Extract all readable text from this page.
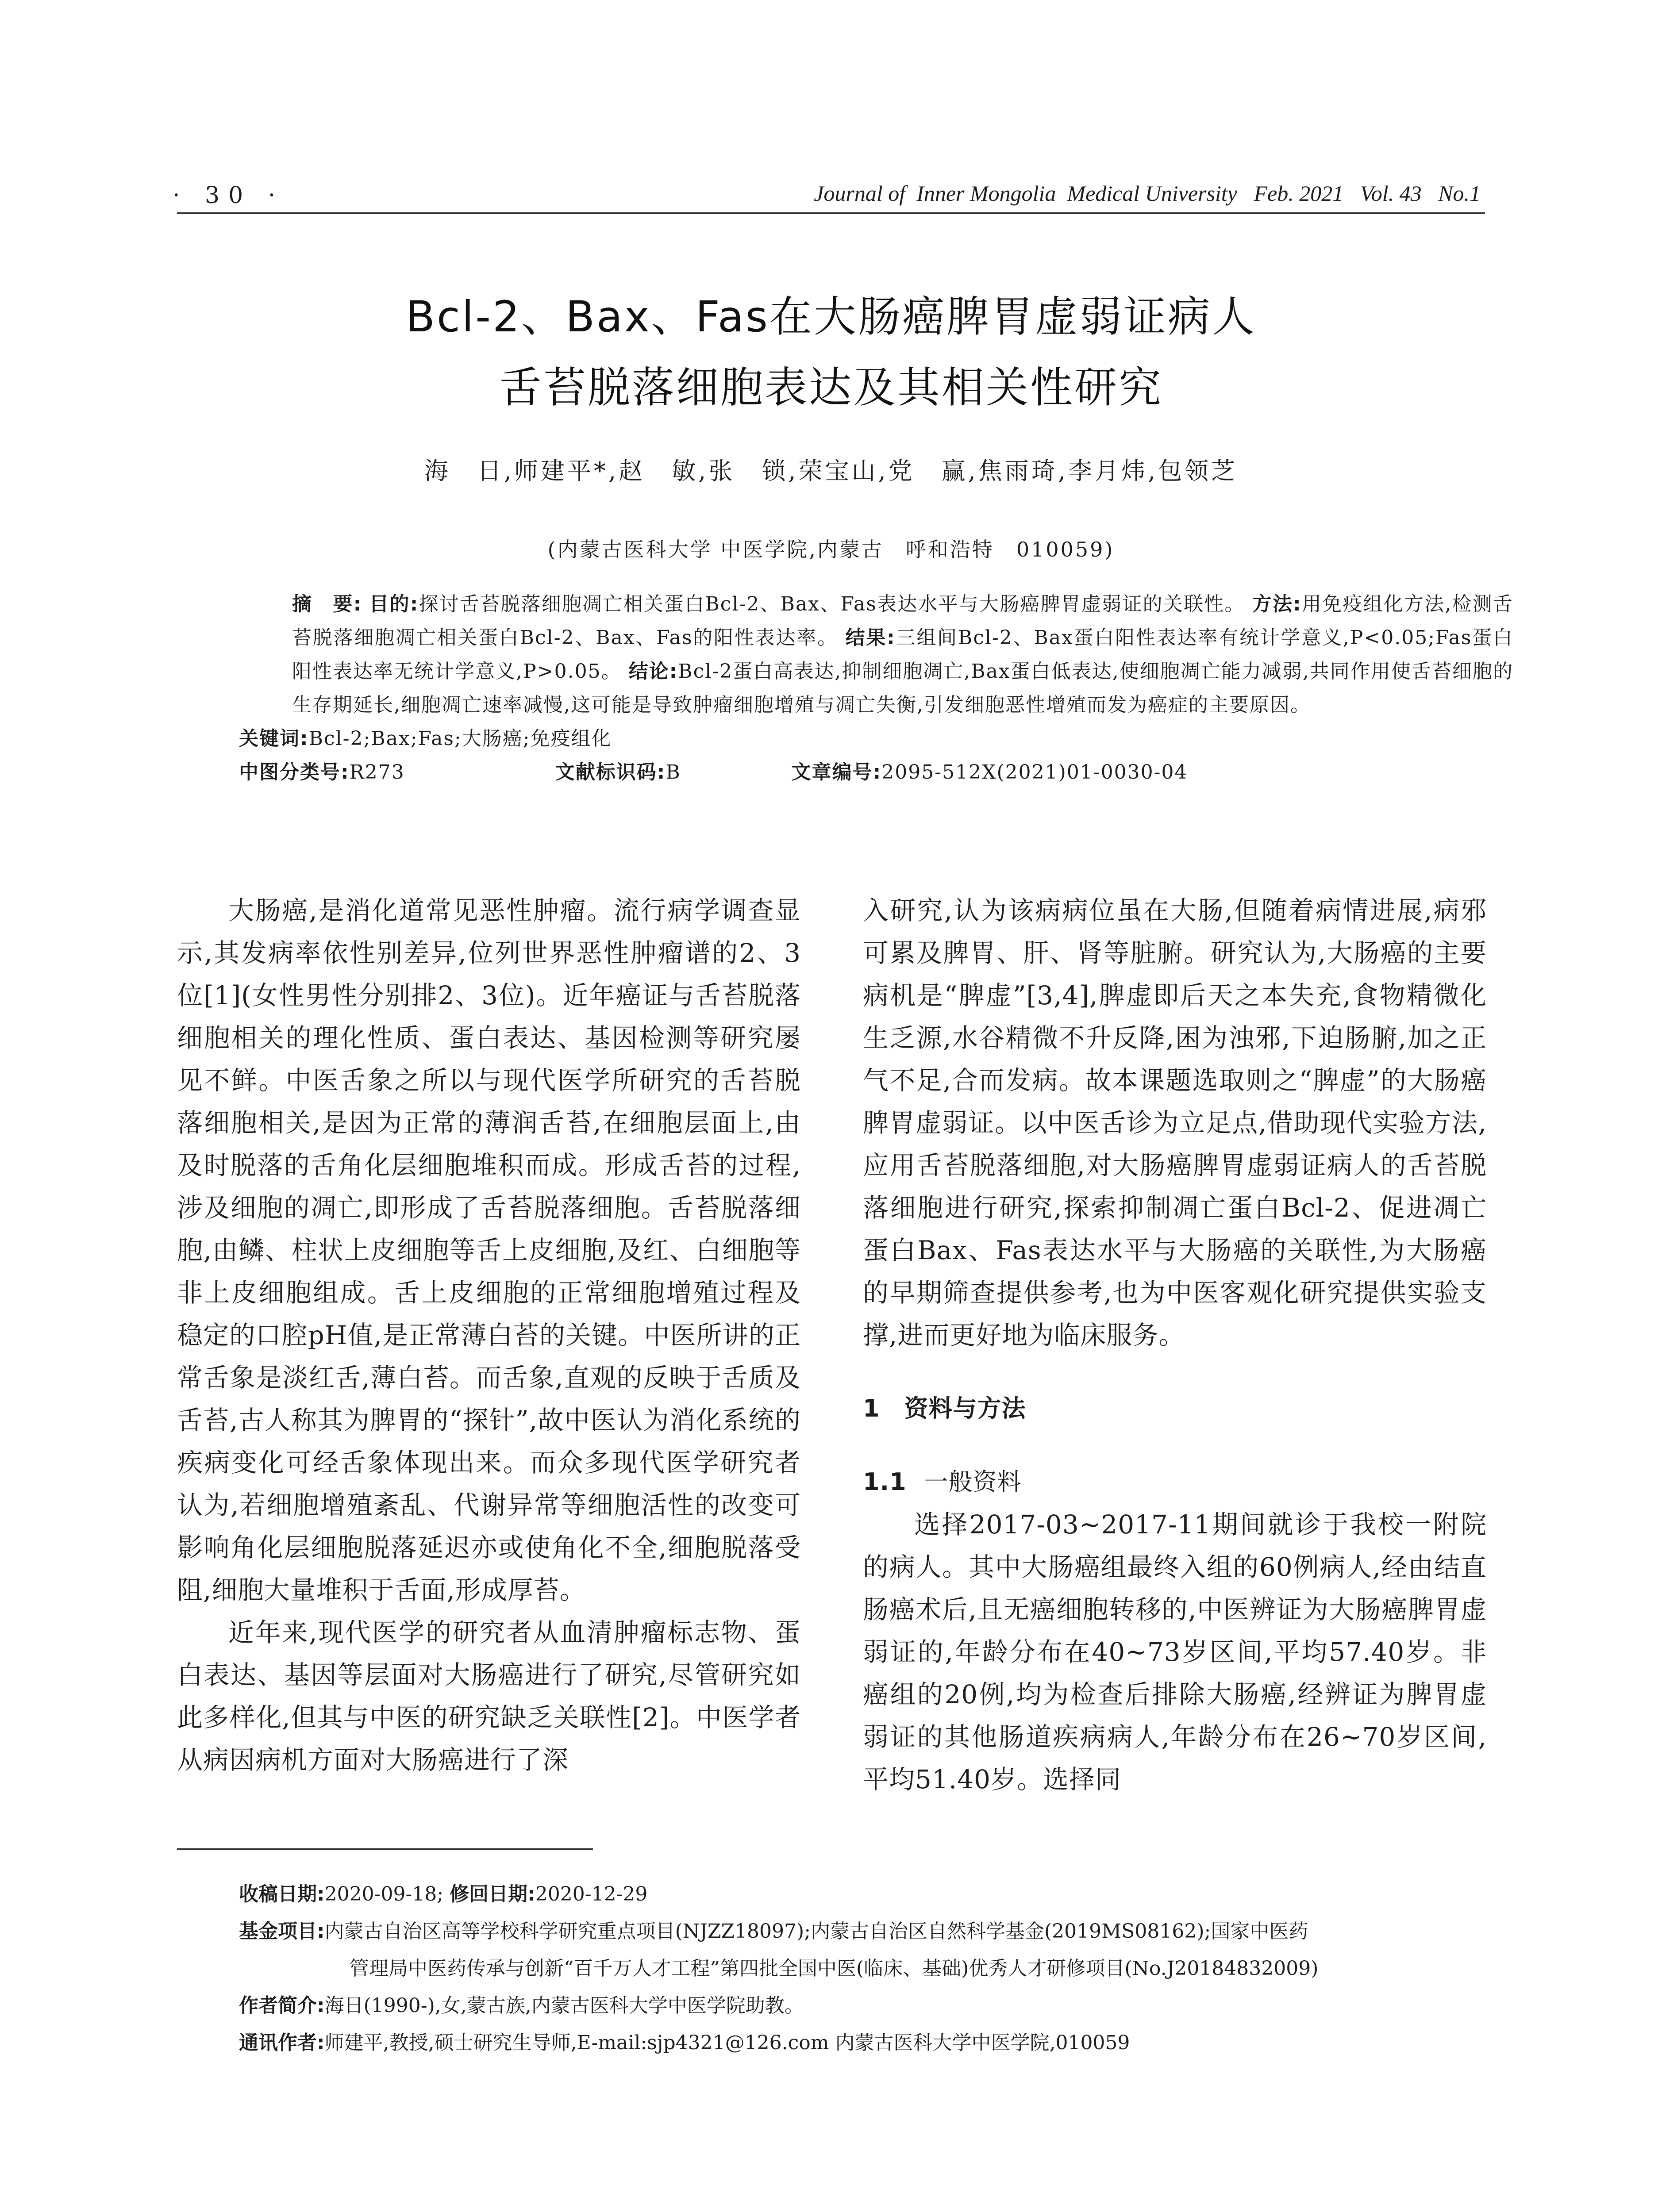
· 30 ·	Journal of  Inner Mongolia  Medical University   Feb. 2021   Vol. 43   No.1
Bcl-2、Bax、Fas在大肠癌脾胃虚弱证病人
舌苔脱落细胞表达及其相关性研究
海　日,师建平*,赵　敏,张　锁,荣宝山,党　赢,焦雨琦,李月炜,包领芝
(内蒙古医科大学 中医学院,内蒙古　呼和浩特　010059)
摘　要: 目的:探讨舌苔脱落细胞凋亡相关蛋白Bcl-2、Bax、Fas表达水平与大肠癌脾胃虚弱证的关联性。 方法:用免疫组化方法,检测舌苔脱落细胞凋亡相关蛋白Bcl-2、Bax、Fas的阳性表达率。 结果:三组间Bcl-2、Bax蛋白阳性表达率有统计学意义,P<0.05;Fas蛋白阳性表达率无统计学意义,P>0.05。 结论:Bcl-2蛋白高表达,抑制细胞凋亡,Bax蛋白低表达,使细胞凋亡能力减弱,共同作用使舌苔细胞的生存期延长,细胞凋亡速率减慢,这可能是导致肿瘤细胞增殖与凋亡失衡,引发细胞恶性增殖而发为癌症的主要原因。
关键词:Bcl-2;Bax;Fas;大肠癌;免疫组化
中图分类号:R273	文献标识码:B	文章编号:2095-512X(2021)01-0030-04

大肠癌,是消化道常见恶性肿瘤。流行病学调查显示,其发病率依性别差异,位列世界恶性肿瘤谱的2、3位[1](女性男性分别排2、3位)。近年癌证与舌苔脱落细胞相关的理化性质、蛋白表达、基因检测等研究屡见不鲜。中医舌象之所以与现代医学所研究的舌苔脱落细胞相关,是因为正常的薄润舌苔,在细胞层面上,由及时脱落的舌角化层细胞堆积而成。形成舌苔的过程,涉及细胞的凋亡,即形成了舌苔脱落细胞。舌苔脱落细胞,由鳞、柱状上皮细胞等舌上皮细胞,及红、白细胞等非上皮细胞组成。舌上皮细胞的正常细胞增殖过程及稳定的口腔pH值,是正常薄白苔的关键。中医所讲的正常舌象是淡红舌,薄白苔。而舌象,直观的反映于舌质及舌苔,古人称其为脾胃的“探针”,故中医认为消化系统的疾病变化可经舌象体现出来。而众多现代医学研究者认为,若细胞增殖紊乱、代谢异常等细胞活性的改变可影响角化层细胞脱落延迟亦或使角化不全,细胞脱落受阻,细胞大量堆积于舌面,形成厚苔。

近年来,现代医学的研究者从血清肿瘤标志物、蛋白表达、基因等层面对大肠癌进行了研究,尽管研究如此多样化,但其与中医的研究缺乏关联性[2]。中医学者从病因病机方面对大肠癌进行了深

入研究,认为该病病位虽在大肠,但随着病情进展,病邪可累及脾胃、肝、肾等脏腑。研究认为,大肠癌的主要病机是“脾虚”[3,4],脾虚即后天之本失充,食物精微化生乏源,水谷精微不升反降,困为浊邪,下迫肠腑,加之正气不足,合而发病。故本课题选取则之“脾虚”的大肠癌脾胃虚弱证。以中医舌诊为立足点,借助现代实验方法,应用舌苔脱落细胞,对大肠癌脾胃虚弱证病人的舌苔脱落细胞进行研究,探索抑制凋亡蛋白Bcl-2、促进凋亡蛋白Bax、Fas表达水平与大肠癌的关联性,为大肠癌的早期筛查提供参考,也为中医客观化研究提供实验支撑,进而更好地为临床服务。

1　资料与方法
1.1 一般资料

选择2017-03~2017-11期间就诊于我校一附院的病人。其中大肠癌组最终入组的60例病人,经由结直肠癌术后,且无癌细胞转移的,中医辨证为大肠癌脾胃虚弱证的,年龄分布在40~73岁区间,平均57.40岁。非癌组的20例,均为检查后排除大肠癌,经辨证为脾胃虚弱证的其他肠道疾病病人,年龄分布在26~70岁区间,平均51.40岁。选择同

收稿日期:2020-09-18; 修回日期:2020-12-29
基金项目:内蒙古自治区高等学校科学研究重点项目(NJZZ18097);内蒙古自治区自然科学基金(2019MS08162);国家中医药
管理局中医药传承与创新“百千万人才工程”第四批全国中医(临床、基础)优秀人才研修项目(No.J20184832009)
作者简介:海日(1990-),女,蒙古族,内蒙古医科大学中医学院助教。
通讯作者:师建平,教授,硕士研究生导师,E-mail:sjp4321@126.com 内蒙古医科大学中医学院,010059
